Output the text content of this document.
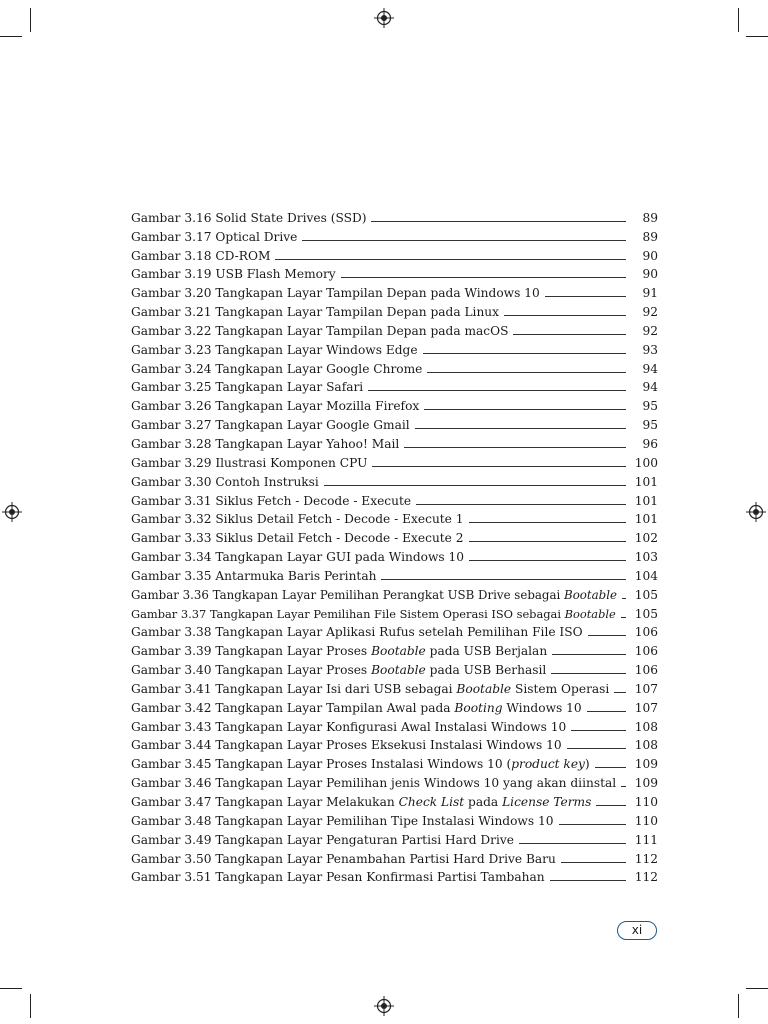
Gambar 3.16 Solid State Drives (SSD)	89
Gambar 3.17 Optical Drive	89
Gambar 3.18 CD-ROM	90
Gambar 3.19 USB Flash Memory	90
Gambar 3.20 Tangkapan Layar Tampilan Depan pada Windows 10	91
Gambar 3.21 Tangkapan Layar Tampilan Depan pada Linux	92
Gambar 3.22 Tangkapan Layar Tampilan Depan pada macOS	92
Gambar 3.23 Tangkapan Layar Windows Edge	93
Gambar 3.24 Tangkapan Layar Google Chrome	94
Gambar 3.25 Tangkapan Layar Safari	94
Gambar 3.26 Tangkapan Layar Mozilla Firefox	95
Gambar 3.27 Tangkapan Layar Google Gmail	95
Gambar 3.28 Tangkapan Layar Yahoo! Mail	96
Gambar 3.29 Ilustrasi Komponen CPU	100
Gambar 3.30 Contoh Instruksi	101
Gambar 3.31 Siklus Fetch - Decode - Execute	101
Gambar 3.32 Siklus Detail Fetch - Decode - Execute 1	101
Gambar 3.33 Siklus Detail Fetch - Decode - Execute 2	102
Gambar 3.34 Tangkapan Layar GUI pada Windows 10	103
Gambar 3.35 Antarmuka Baris Perintah	104
Gambar 3.36 Tangkapan Layar Pemilihan Perangkat USB Drive sebagai Bootable 105
Gambar 3.37 Tangkapan Layar Pemilihan File Sistem Operasi ISO sebagai Bootable 105
Gambar 3.38 Tangkapan Layar Aplikasi Rufus setelah Pemilihan File ISO	106
Gambar 3.39 Tangkapan Layar Proses Bootable pada USB Berjalan	106
Gambar 3.40 Tangkapan Layar Proses Bootable pada USB Berhasil	106
Gambar 3.41 Tangkapan Layar Isi dari USB sebagai Bootable Sistem Operasi 107
Gambar 3.42 Tangkapan Layar Tampilan Awal pada Booting Windows 10	107
Gambar 3.43 Tangkapan Layar Konfigurasi Awal Instalasi Windows 10	108
Gambar 3.44 Tangkapan Layar Proses Eksekusi Instalasi Windows 10	108
Gambar 3.45 Tangkapan Layar Proses Instalasi Windows 10 (product key)	109
Gambar 3.46 Tangkapan Layar Pemilihan jenis Windows 10 yang akan diinstal 109
Gambar 3.47 Tangkapan Layar Melakukan Check List pada License Terms	110
Gambar 3.48 Tangkapan Layar Pemilihan Tipe Instalasi Windows 10	110
Gambar 3.49 Tangkapan Layar Pengaturan Partisi Hard Drive	111
Gambar 3.50 Tangkapan Layar Penambahan Partisi Hard Drive Baru	112
Gambar 3.51 Tangkapan Layar Pesan Konfirmasi Partisi Tambahan	112
xi
